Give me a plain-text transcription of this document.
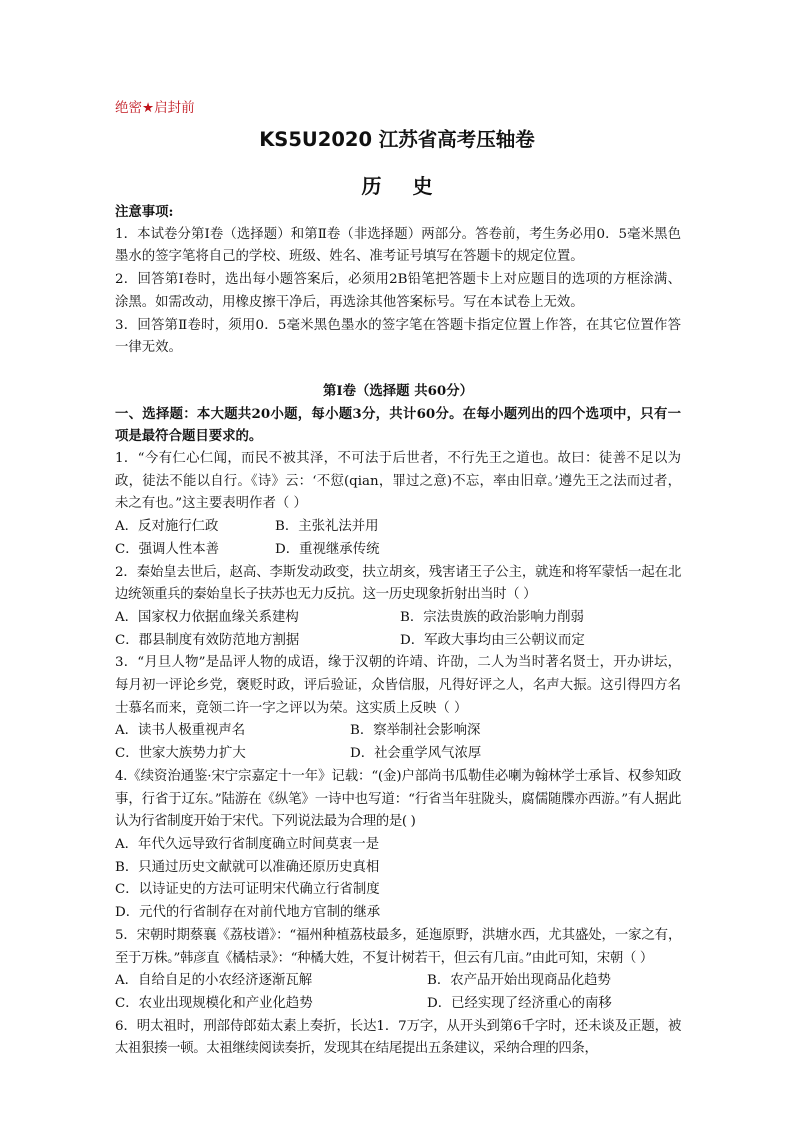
绝密★启封前
KS5U2020 江苏省高考压轴卷
历 史

注意事项:

1．本试卷分第Ⅰ卷（选择题）和第Ⅱ卷（非选择题）两部分。答卷前，考生务必用0．5毫米黑色墨水的签字笔将自己的学校、班级、姓名、准考证号填写在答题卡的规定位置。

2．回答第Ⅰ卷时，选出每小题答案后，必须用2B铅笔把答题卡上对应题目的选项的方框涂满、涂黑。如需改动，用橡皮擦干净后，再选涂其他答案标号。写在本试卷上无效。

3．回答第Ⅱ卷时，须用0．5毫米黑色墨水的签字笔在答题卡指定位置上作答，在其它位置作答一律无效。

第Ⅰ卷（选择题 共60分）

一、选择题：本大题共20小题，每小题3分，共计60分。在每小题列出的四个选项中，只有一项是最符合题目要求的。

1．“今有仁心仁闻，而民不被其泽，不可法于后世者，不行先王之道也。故曰：徒善不足以为政，徒法不能以自行。《诗》云：‘不愆(qian，罪过之意)不忘，率由旧章。’遵先王之法而过者，未之有也。”这主要表明作者（ ）

A．反对施行仁政	B．主张礼法并用
C．强调人性本善	D．重视继承传统

2．秦始皇去世后，赵高、李斯发动政变，扶立胡亥，残害诸王子公主，就连和将军蒙恬一起在北边统领重兵的秦始皇长子扶苏也无力反抗。这一历史现象折射出当时（ ）

A．国家权力依据血缘关系建构	B．宗法贵族的政治影响力削弱
C．郡县制度有效防范地方割据	D．军政大事均由三公朝议而定

3．“月旦人物”是品评人物的成语，缘于汉朝的许靖、许劭，二人为当时著名贤士，开办讲坛，每月初一评论乡党，褒贬时政，评后验证，众皆信服，凡得好评之人，名声大振。这引得四方名士慕名而来，竟领二许一字之评以为荣。这实质上反映（ ）

A．读书人极重视声名	B．察举制社会影响深
C．世家大族势力扩大	D．社会重学风气浓厚

4.《续资治通鉴·宋宁宗嘉定十一年》记载：“(金)户部尚书瓜勒佳必喇为翰林学士承旨、权参知政事，行省于辽东。”陆游在《纵笔》一诗中也写道：“行省当年驻陇头，腐儒随牒亦西游。”有人据此认为行省制度开始于宋代。下列说法最为合理的是( )

A．年代久远导致行省制度确立时间莫衷一是

B．只通过历史文献就可以准确还原历史真相

C．以诗证史的方法可证明宋代确立行省制度

D．元代的行省制存在对前代地方官制的继承

5．宋朝时期蔡襄《荔枝谱》：“福州种植荔枝最多，延迤原野，洪塘水西，尤其盛处，一家之有，至于万株。”韩彦直《橘桔录》：“种橘大姓，不复计树若干，但云有几亩。”由此可知，宋朝（ ）

A．自给自足的小农经济逐渐瓦解	B．农产品开始出现商品化趋势
C．农业出现规模化和产业化趋势	D．已经实现了经济重心的南移

6．明太祖时，刑部侍郎茹太素上奏折，长达1．7万字，从开头到第6千字时，还未谈及正题，被太祖狠揍一顿。太祖继续阅读奏折，发现其在结尾提出五条建议，采纳合理的四条，
